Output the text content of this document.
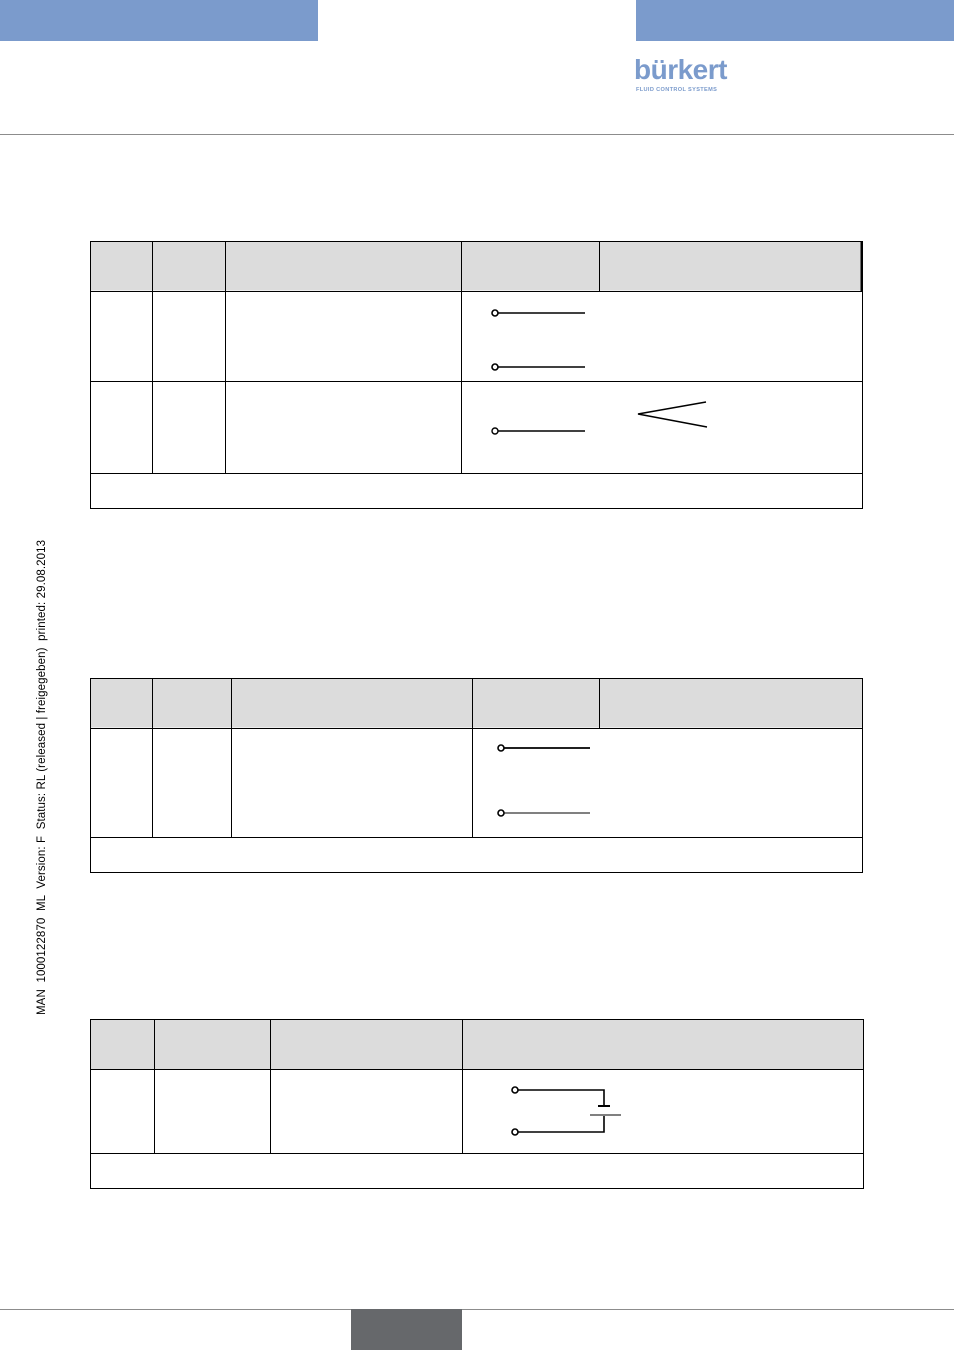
bürkert
FLUID CONTROL SYSTEMS
MAN  1000122870  ML  Version: F  Status: RL (released | freigegeben)  printed: 29.08.2013
